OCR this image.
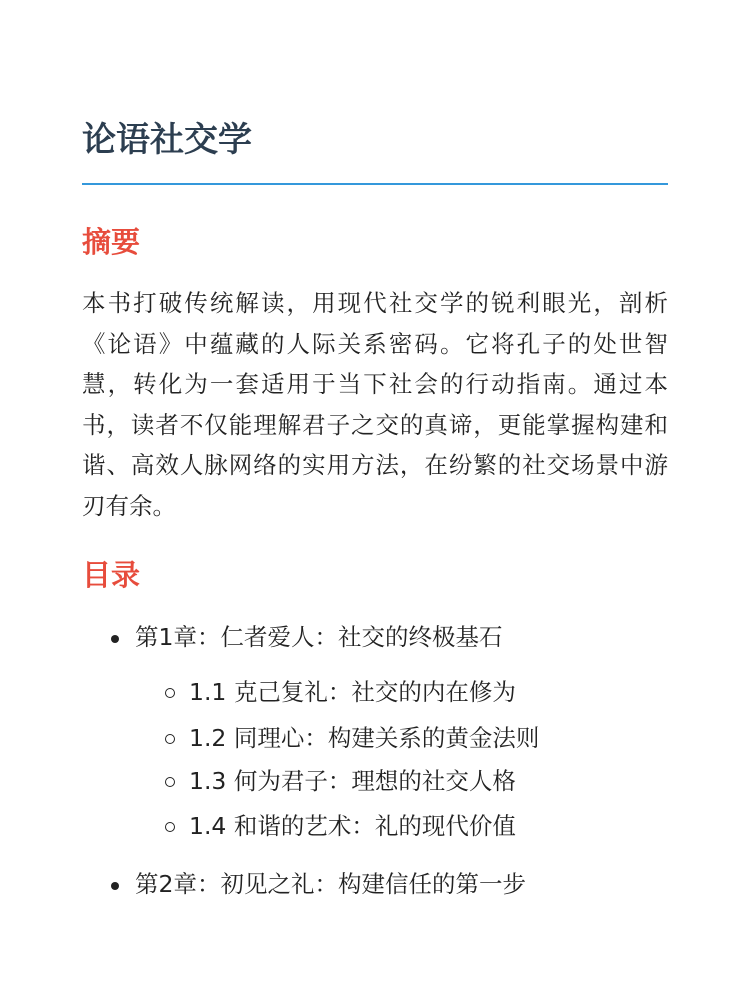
论语社交学
摘要

本书打破传统解读，用现代社交学的锐利眼光，剖析《论语》中蕴藏的人际关系密码。它将孔子的处世智慧，转化为一套适用于当下社会的行动指南。通过本书，读者不仅能理解君子之交的真谛，更能掌握构建和谐、高效人脉网络的实用方法，在纷繁的社交场景中游刃有余。

目录
第1章：仁者爱人：社交的终极基石
1.1 克己复礼：社交的内在修为
1.2 同理心：构建关系的黄金法则
1.3 何为君子：理想的社交人格
1.4 和谐的艺术：礼的现代价值
第2章：初见之礼：构建信任的第一步
